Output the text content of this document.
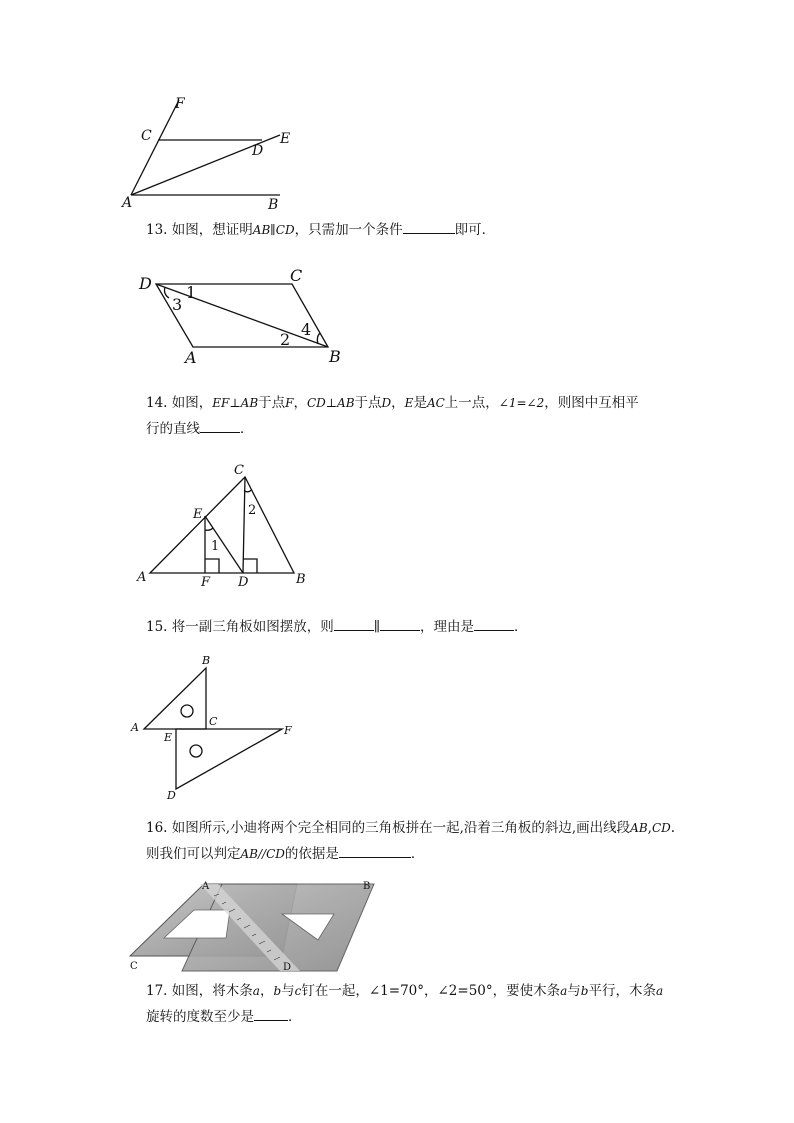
F
C
D
E
A	B
13. 如图，想证明AB∥CD，只需加一个条件	即可．
D	C
A	B
1
3
2
4
14. 如图，EF⊥AB于点F，CD⊥AB于点D，E是AC上一点，∠1=∠2，则图中互相平
行的直线	．
C
E
A	F D	B
1
2
15. 将一副三角板如图摆放，则	∥	，理由是	．
B
A	C
E
F
D
16. 如图所示,小迪将两个完全相同的三角板拼在一起,沿着三角板的斜边,画出线段AB,CD.
则我们可以判定AB//CD的依据是	．
A	B
C	D
17. 如图，将木条a，b与c钉在一起，∠1=70°，∠2=50°，要使木条a与b平行，木条a
旋转的度数至少是	．
